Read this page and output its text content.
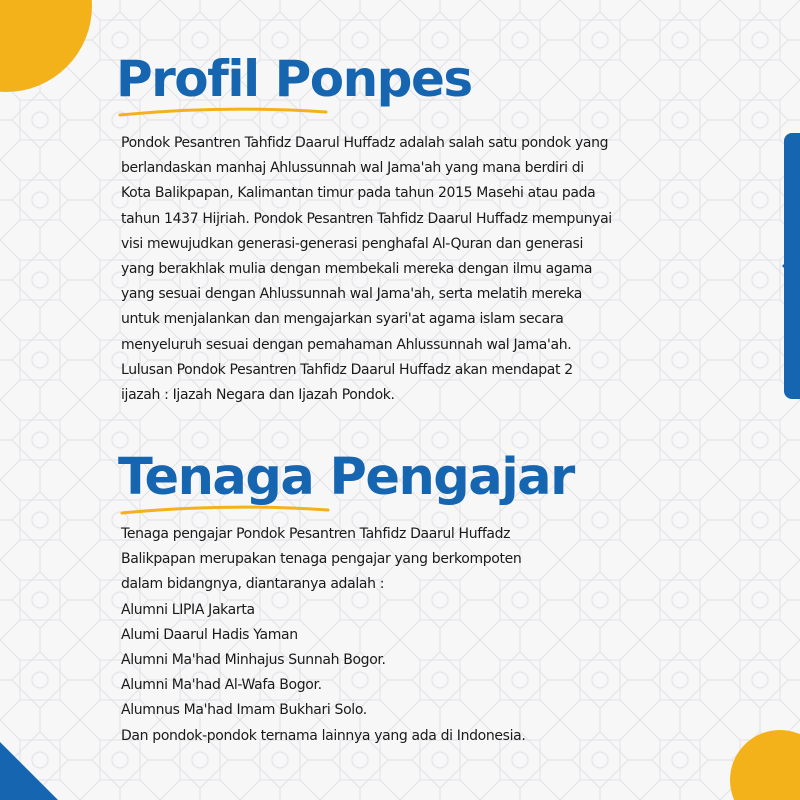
Profil Ponpes
Pondok Pesantren Tahfidz Daarul Huffadz adalah salah satu pondok yang
berlandaskan manhaj Ahlussunnah wal Jama'ah yang mana berdiri di
Kota Balikpapan, Kalimantan timur pada tahun 2015 Masehi atau pada
tahun 1437 Hijriah. Pondok Pesantren Tahfidz Daarul Huffadz mempunyai
visi mewujudkan generasi-generasi penghafal Al-Quran dan generasi
yang berakhlak mulia dengan membekali mereka dengan ilmu agama
yang sesuai dengan Ahlussunnah wal Jama'ah, serta melatih mereka
untuk menjalankan dan mengajarkan syari'at agama islam secara
menyeluruh sesuai dengan pemahaman Ahlussunnah wal Jama'ah.
Lulusan Pondok Pesantren Tahfidz Daarul Huffadz akan mendapat 2
ijazah : Ijazah Negara dan Ijazah Pondok.
Tenaga Pengajar
Tenaga pengajar Pondok Pesantren Tahfidz Daarul Huffadz
Balikpapan merupakan tenaga pengajar yang berkompoten
dalam bidangnya, diantaranya adalah :
Alumni LIPIA Jakarta
Alumi Daarul Hadis Yaman
Alumni Ma'had Minhajus Sunnah Bogor.
Alumni Ma'had Al-Wafa Bogor.
Alumnus Ma'had Imam Bukhari Solo.
Dan pondok-pondok ternama lainnya yang ada di Indonesia.
